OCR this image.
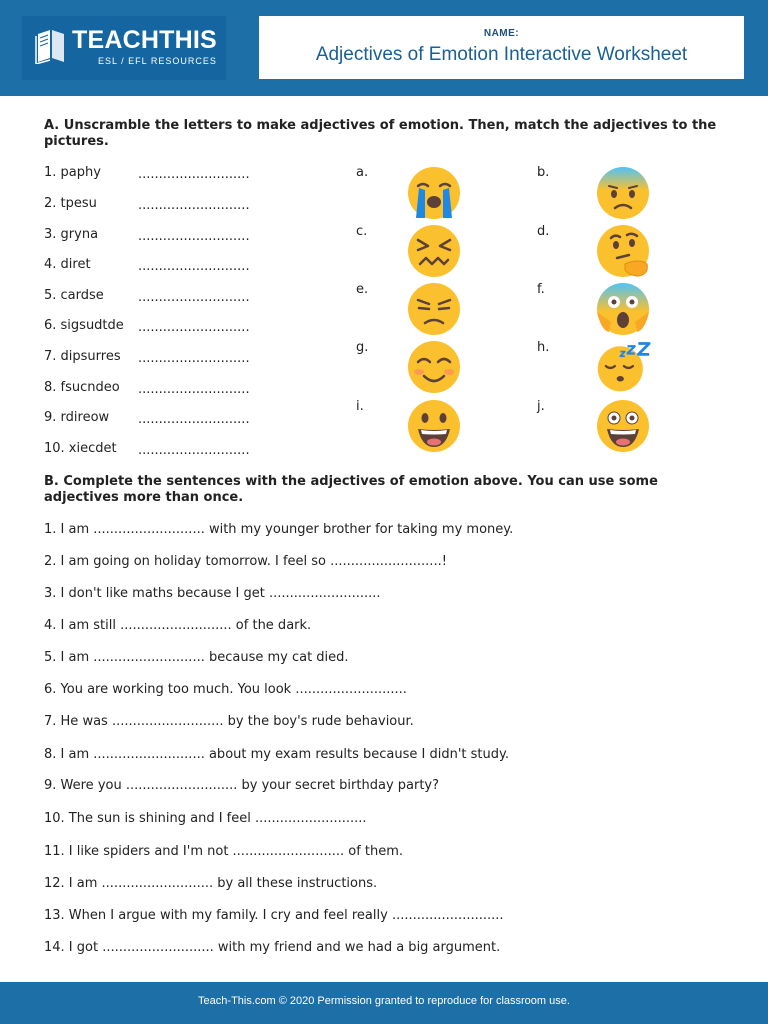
TEACHTHIS
ESL / EFL RESOURCES
NAME:
Adjectives of Emotion Interactive Worksheet
A. Unscramble the letters to make adjectives of emotion. Then, match the adjectives to the pictures.
1. paphy	...........................
2. tpesu	...........................
3. gryna	...........................
4. diret	...........................
5. cardse	...........................
6. sigsudtde ...........................
7. dipsurres ...........................
8. fsucndeo ...........................
9. rdireow ...........................
10. xiecdet ...........................
a.	b.
c.	d.
e.	f.
g.	h.
i.	j.
B. Complete the sentences with the adjectives of emotion above. You can use some adjectives more than once.
1. I am ........................... with my younger brother for taking my money.
2. I am going on holiday tomorrow. I feel so ...........................!
3. I don't like maths because I get ...........................
4. I am still ........................... of the dark.
5. I am ........................... because my cat died.
6. You are working too much. You look ...........................
7. He was ........................... by the boy's rude behaviour.
8. I am ........................... about my exam results because I didn't study.
9. Were you ........................... by your secret birthday party?
10. The sun is shining and I feel ...........................
11. I like spiders and I'm not ........................... of them.
12. I am ........................... by all these instructions.
13. When I argue with my family. I cry and feel really ...........................
14. I got ........................... with my friend and we had a big argument.
Teach-This.com © 2020 Permission granted to reproduce for classroom use.
